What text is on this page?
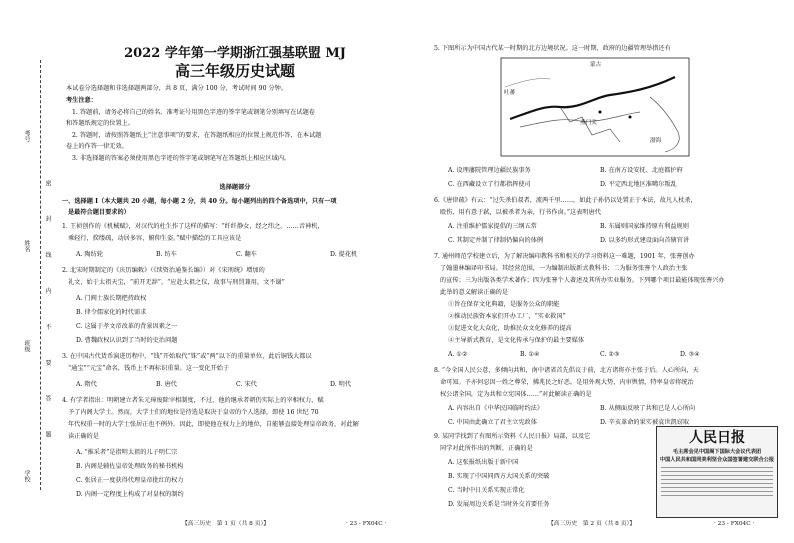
考号
姓名
班级
学校
密 封 线 内 不 要 答 题
2022 学年第一学期浙江强基联盟 MJ
高三年级历史试题
本试卷分选择题和非选择题两部分，共 8 页，满分 100 分，考试时间 90 分钟。
考生注意：
1. 答题前，请务必将自己的姓名、准考证号用黑色字迹的签字笔或钢笔分别填写在试题卷
和答题纸规定的位置上。
2. 答题时，请按照答题纸上“注意事项”的要求，在答题纸相应的位置上规范作答，在本试题
卷上的作答一律无效。
3. 非选择题的答案必须使用黑色字迹的签字笔或钢笔写在答题纸上相应区域内。
选择题部分
一、选择题 Ⅰ（本大题共 20 小题，每小题 2 分，共 40 分。每小题列出的四个备选项中，只有一项
是最符合题目要求的）
1. 王祯创作的《机械赋》，对汉代的杜生作了这样的描写：“纤纤静女，经之纬之。……音神机，
乘轻行，揆缕疏，动居多容，俯仰生姿。”赋中描绘的工具应该是
A. 陶纺轮	B. 纺车	C. 翻车	D. 提花机
2. 北宋时期制定的《庆历编敕》（《续资治通鉴长编》）对《宋刑统》增加的
礼文，始于太祖天宝，“前开无辞”，“应赴太祖之仪，故事与刑罚兼用，文不谢”
A. 门阀士族长期把持政权
B. 律令儒家化的时代需求
C. 这属于孝文帝改革的背景因素之一
D. 曹魏政权认识到了当时的史治问题
3. 在中国古代货币演进历程中，“钱”开始取代“铢”或“两”以下的重量单位，此后铜钱大都以
“通宝”“元宝”命名，钱币上不再标识重量。这一变化开始于
A. 隋代	B. 唐代	C. 宋代	D. 明代
4. 有学者指出：明朝建立者朱元璋废除宰相制度，不过，他的继承者朝仍实际上的宰相权力，赋
予了内阁大学士。然而，大学士们的地位是待选是取决于皇帝的个人选择，即使 16 世纪 70
年代权重一时的大学士张居正也不例外。因此，即使他在权力上的地位，自能够直接处理皇帝政务，对此解
读正确的是
A. “推采者”是指明太祖的儿子明仁宗
B. 内阁是辅佐皇帝处理政务的秘书机构
C. 张居正一度获得代理皇帝批红的权力
D. 内阁一定程度上构成了对皇权的制约
【高三历史　第 1 页（共 8 页）】	· 23 - FX04C ·
5. 下图所示为中国古代某一时期的北方边境状况。这一时期，政府的边疆管理举措还有
蒙古
吐蕃
燕门关
渤海
A. 设理藩院管理边疆民族事务	B. 在南方设安抚、北庭都护府
C. 在西藏设立了行都指挥使司	D. 平定西北地区准噶尔叛乱
6.《唐律疏》有云：“过失杀伯叔者，流两千里……，如此子孙仍以处置正于本法，故凡人杖杀，
殴伤，用有意于弑，以被杀者为亲，行书作卤。”这表明唐代
A. 注重维护儒家提倡的三纲五常	B. 东属则国家维持原有利益规则
C. 其制定并制了律制仍偏向的体例	D. 以多约形式建设面向首辖官讲
7. 通州师范学校建立后，为了解决编印教科书和相关的学习资料这一难题，1901 年，张謇创办
了翰墨林编译印书局。其经营范围，一为编制出版新式教科书；二为服务张謇个人政治主张
的宣传；三为出版各类学术著作；四为张謇个人著述及其所办实业服务。下列哪个项目最能体现张謇兴办
此举的意义解读正确的是
①旨在保存文化典籍，是服务公众的职能
②推动民族资本家们开办工厂，“实业救国”
③促进文化大众化，助推民众文化修养的提高
④主导新式教育，是文化传承与保护的最主要媒体
A. ①②	B. ①④	C. ②③	D. ③④
8. “今全国人民公意，多倾向共和，南中诸省首先倡议于前，北方诸将亦主张于后。人心所向，天
命可知。予亦何忍因一姓之尊荣，拂兆民之好恶。是用外观大势，内审舆情，特率皇帝将统治
权公诸全国，定为共和立宪国体……”对此解读正确的是
A. 内容出自《中华民国临时约法》	B. 从侧面反映了共和已是人心所向
C. 中国由此确立了君主立宪政体	D. 辛亥革命的果实被袁世凯窃取
9. 某同学找到了有图所示资料《人民日报》局部，以及它
同学对此所作出的判断，正确的是
A. 这张报纸出版于新中国
B. 实现了中国同西方大国关系的突破
C. 当时中日关系实现正常化
D. 发展周边关系是当时外交首要任务
人民日报
毛主席会见中国阁下国际大会议代表团
中国人民共和国同美利坚合众国签署建交联合公报
【高三历史　第 2 页（共 8 页）】	· 23 - FX04C ·
